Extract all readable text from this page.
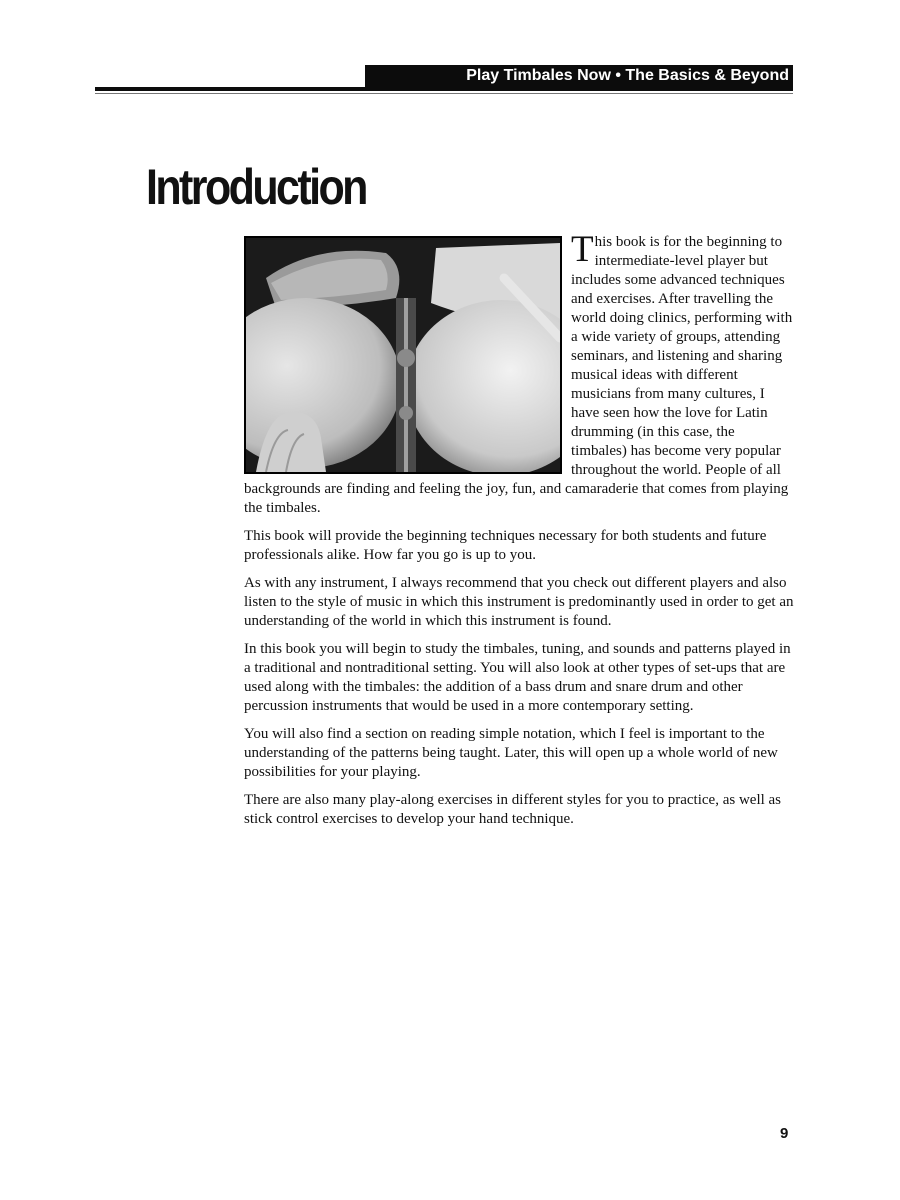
Play Timbales Now • The Basics & Beyond
Introduction

This book is for the beginning to intermediate-level player but includes some advanced techniques and exercises. After travelling the world doing clinics, performing with a wide variety of groups, attending seminars, and listening and sharing musical ideas with different musicians from many cultures, I have seen how the love for Latin drumming (in this case, the timbales) has become very popular throughout the world. People of all backgrounds are finding and feeling the joy, fun, and camaraderie that comes from playing the timbales.

This book will provide the beginning techniques necessary for both students and future professionals alike. How far you go is up to you.

As with any instrument, I always recommend that you check out different players and also listen to the style of music in which this instrument is predominantly used in order to get an understanding of the world in which this instrument is found.

In this book you will begin to study the timbales, tuning, and sounds and patterns played in a traditional and nontraditional setting. You will also look at other types of set-ups that are used along with the timbales: the addition of a bass drum and snare drum and other percussion instruments that would be used in a more contemporary setting.

You will also find a section on reading simple notation, which I feel is important to the understanding of the patterns being taught. Later, this will open up a whole world of new possibilities for your playing.

There are also many play-along exercises in different styles for you to practice, as well as stick control exercises to develop your hand technique.

9
